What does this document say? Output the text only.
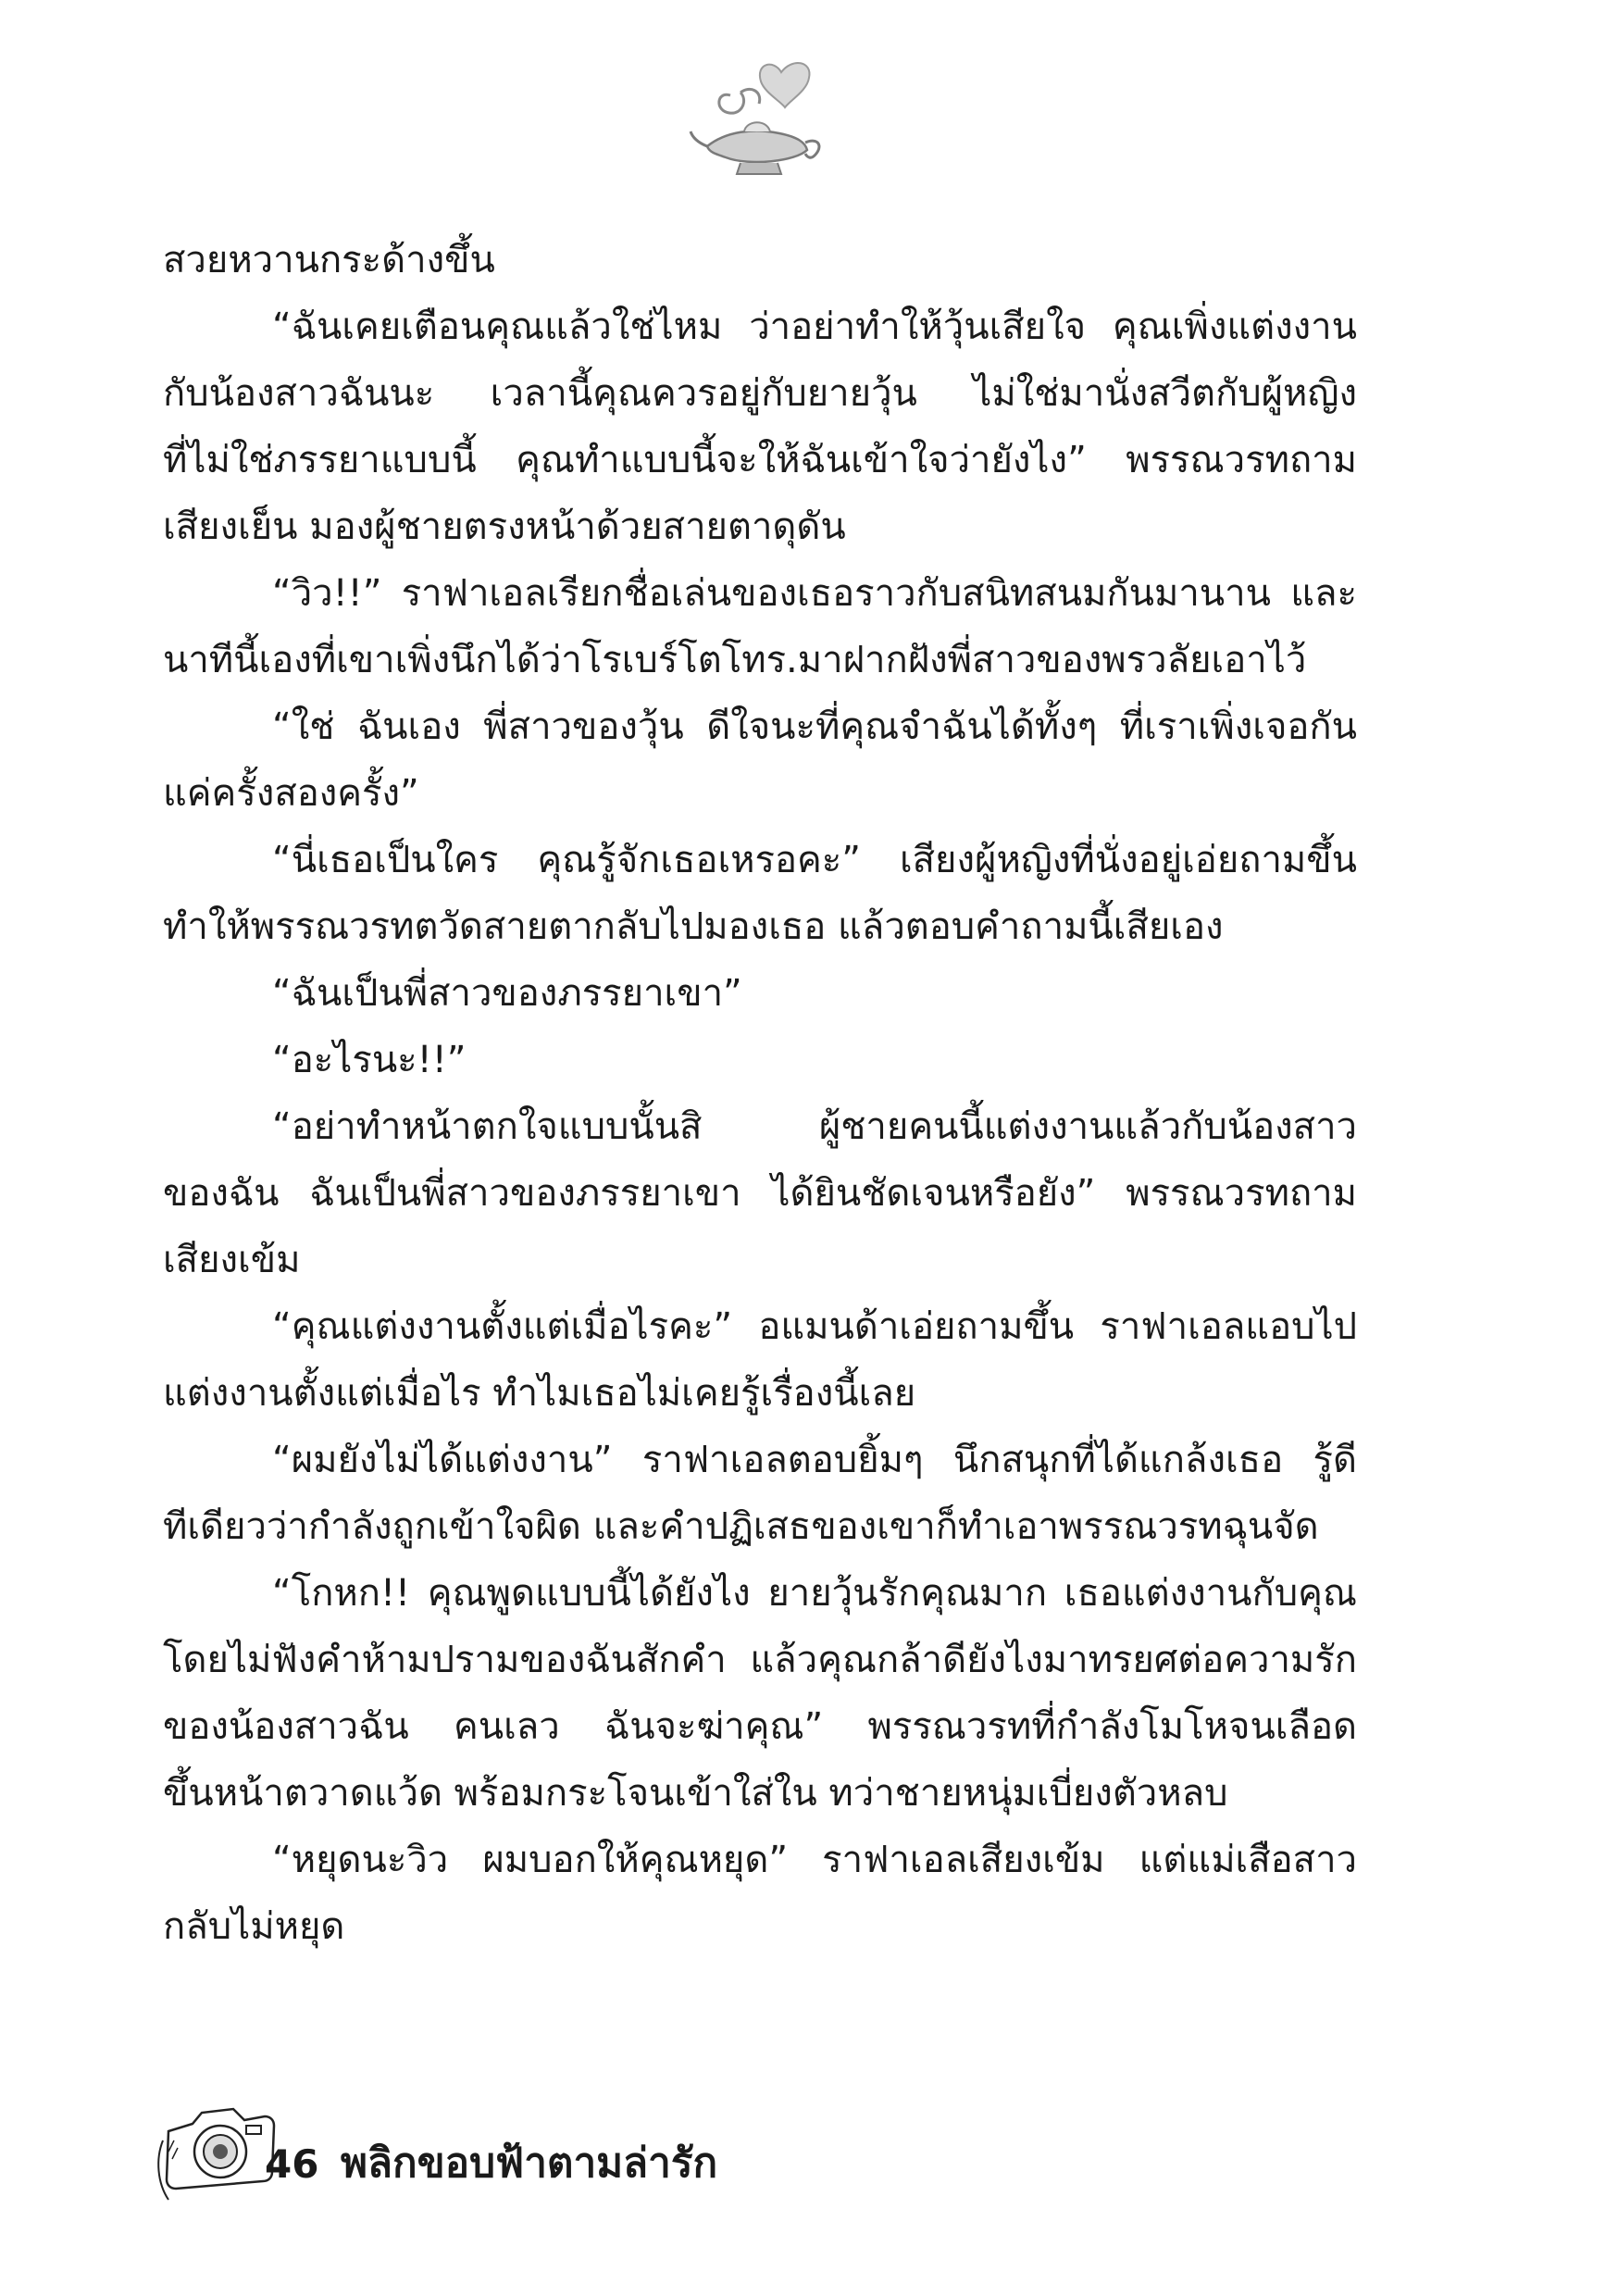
สวยหวานกระด้างขึ้น
“ฉันเคยเตือนคุณแล้วใช่ไหม ว่าอย่าทำให้วุ้นเสียใจ คุณเพิ่งแต่งงาน
กับน้องสาวฉันนะ เวลานี้คุณควรอยู่กับยายวุ้น ไม่ใช่มานั่งสวีตกับผู้หญิง
ที่ไม่ใช่ภรรยาแบบนี้ คุณทำแบบนี้จะให้ฉันเข้าใจว่ายังไง” พรรณวรทถาม
เสียงเย็น มองผู้ชายตรงหน้าด้วยสายตาดุดัน
“วิว!!” ราฟาเอลเรียกชื่อเล่นของเธอราวกับสนิทสนมกันมานาน และ
นาทีนี้เองที่เขาเพิ่งนึกได้ว่าโรเบร์โตโทร.มาฝากฝังพี่สาวของพรวลัยเอาไว้
“ใช่ ฉันเอง พี่สาวของวุ้น ดีใจนะที่คุณจำฉันได้ทั้งๆ ที่เราเพิ่งเจอกัน
แค่ครั้งสองครั้ง”
“นี่เธอเป็นใคร คุณรู้จักเธอเหรอคะ” เสียงผู้หญิงที่นั่งอยู่เอ่ยถามขึ้น
ทำให้พรรณวรทตวัดสายตากลับไปมองเธอ แล้วตอบคำถามนี้เสียเอง
“ฉันเป็นพี่สาวของภรรยาเขา”
“อะไรนะ!!”
“อย่าทำหน้าตกใจแบบนั้นสิ ผู้ชายคนนี้แต่งงานแล้วกับน้องสาว
ของฉัน ฉันเป็นพี่สาวของภรรยาเขา ได้ยินชัดเจนหรือยัง” พรรณวรทถาม
เสียงเข้ม
“คุณแต่งงานตั้งแต่เมื่อไรคะ” อแมนด้าเอ่ยถามขึ้น ราฟาเอลแอบไป
แต่งงานตั้งแต่เมื่อไร ทำไมเธอไม่เคยรู้เรื่องนี้เลย
“ผมยังไม่ได้แต่งงาน” ราฟาเอลตอบยิ้มๆ นึกสนุกที่ได้แกล้งเธอ รู้ดี
ทีเดียวว่ากำลังถูกเข้าใจผิด และคำปฏิเสธของเขาก็ทำเอาพรรณวรทฉุนจัด
“โกหก!! คุณพูดแบบนี้ได้ยังไง ยายวุ้นรักคุณมาก เธอแต่งงานกับคุณ
โดยไม่ฟังคำห้ามปรามของฉันสักคำ แล้วคุณกล้าดียังไงมาทรยศต่อความรัก
ของน้องสาวฉัน คนเลว ฉันจะฆ่าคุณ” พรรณวรทที่กำลังโมโหจนเลือด
ขึ้นหน้าตวาดแว้ด พร้อมกระโจนเข้าใส่ใน ทว่าชายหนุ่มเบี่ยงตัวหลบ
“หยุดนะวิว ผมบอกให้คุณหยุด” ราฟาเอลเสียงเข้ม แต่แม่เสือสาว
กลับไม่หยุด
46 พลิกขอบฟ้าตามล่ารัก
